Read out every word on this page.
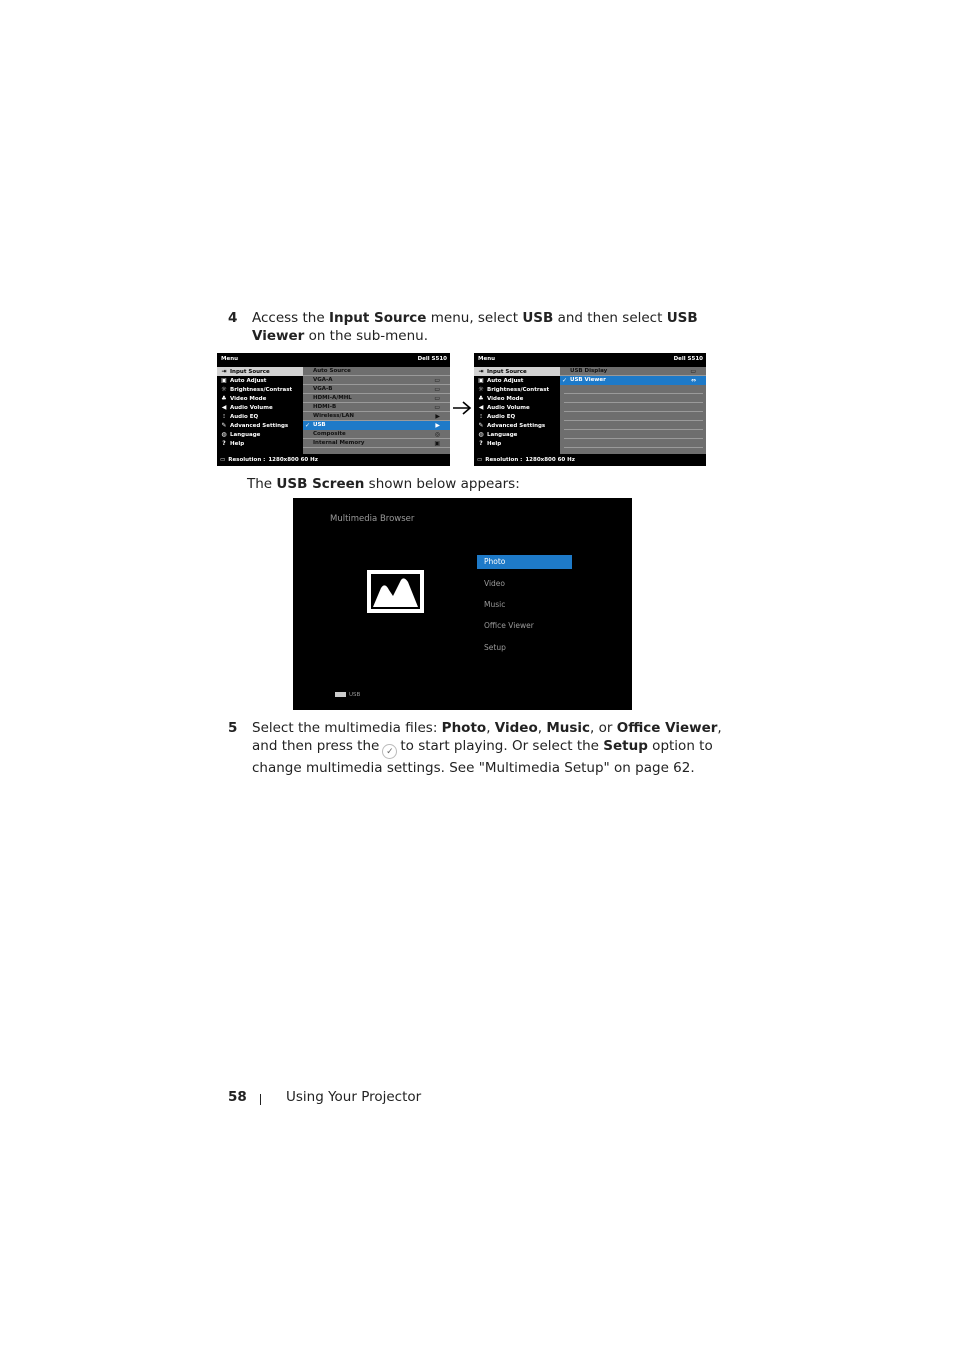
4 Access the Input Source menu, select USB and then select USB
Viewer on the sub-menu.
Menu	Dell S510
⇥ Input Source
▣ Auto Adjust
☼ Brightness/Contrast
♣ Video Mode
◀ Audio Volume
⫶ Audio EQ
✎ Advanced Settings
◍ Language
? Help
Auto Source
VGA-A	▭
VGA-B	▭
HDMI-A/MHL	▭
HDMI-B	▭
Wireless/LAN	▶
✓ USB	▶
Composite	◎
Internal Memory	▣
▭ Resolution : 1280x800 60 Hz
Menu	Dell S510
⇥ Input Source
▣ Auto Adjust
☼ Brightness/Contrast
♣ Video Mode
◀ Audio Volume
⫶ Audio EQ
✎ Advanced Settings
◍ Language
? Help
USB Display	▭
✓ USB Viewer	⇔
▭ Resolution : 1280x800 60 Hz
The USB Screen shown below appears:
Multimedia Browser
Photo
Video
Music
Office Viewer
Setup
USB
5 Select the multimedia files: Photo, Video, Music, or Office Viewer,
and then press the ✓ to start playing. Or select the Setup option to
change multimedia settings. See "Multimedia Setup" on page 62.
58	Using Your Projector
